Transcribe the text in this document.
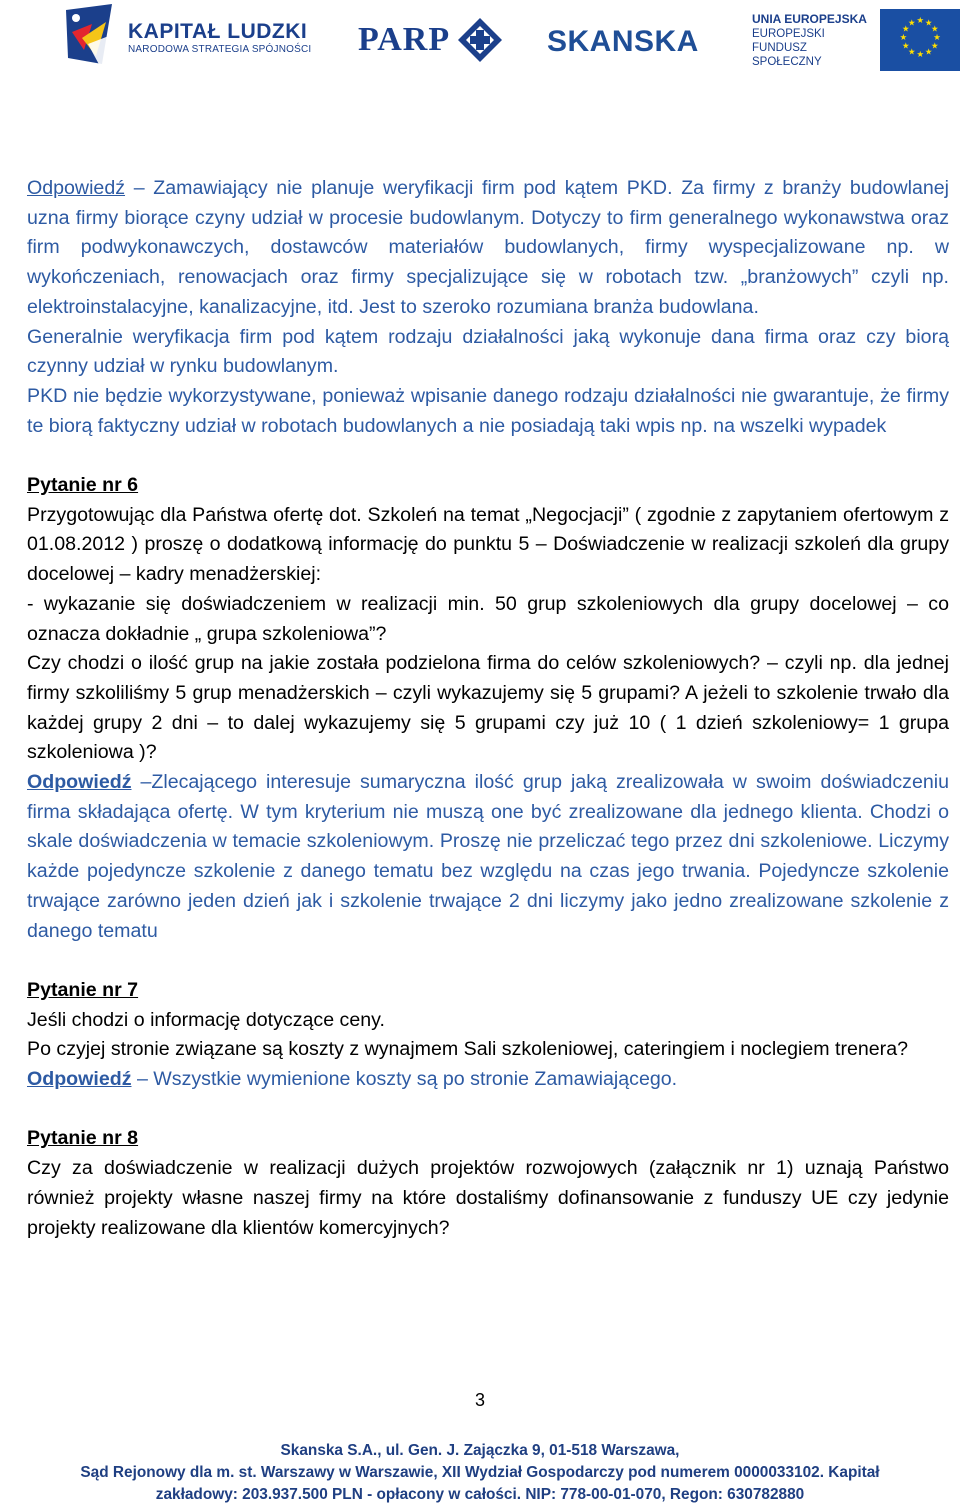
KAPITAŁ LUDZKI
NARODOWA STRATEGIA SPÓJNOŚCI PARP	SKANSKA
UNIA EUROPEJSKA
EUROPEJSKI
FUNDUSZ SPOŁECZNY
★ ★
★
★
★
★
★
★
★
★
★
★

Odpowiedź – Zamawiający nie planuje weryfikacji firm pod kątem PKD. Za firmy z branży budowlanej uzna firmy biorące czyny udział w procesie budowlanym. Dotyczy to firm generalnego wykonawstwa oraz firm podwykonawczych, dostawców materiałów budowlanych, firmy wyspecjalizowane np. w wykończeniach, renowacjach oraz firmy specjalizujące się w robotach tzw. „branżowych” czyli np. elektroinstalacyjne, kanalizacyjne, itd. Jest to szeroko rozumiana branża budowlana.

Generalnie weryfikacja firm pod kątem rodzaju działalności jaką wykonuje dana firma oraz czy biorą czynny udział w rynku budowlanym.

PKD nie będzie wykorzystywane, ponieważ wpisanie danego rodzaju działalności nie gwarantuje, że firmy te biorą faktyczny udział w robotach budowlanych a nie posiadają taki wpis np. na wszelki wypadek

Pytanie nr 6

Przygotowując dla Państwa ofertę dot. Szkoleń na temat „Negocjacji” ( zgodnie z zapytaniem ofertowym z 01.08.2012 ) proszę o dodatkową informację do punktu 5 – Doświadczenie w realizacji szkoleń dla grupy docelowej – kadry menadżerskiej:

- wykazanie się doświadczeniem w realizacji min. 50 grup szkoleniowych dla grupy docelowej – co oznacza dokładnie „ grupa szkoleniowa”?

Czy chodzi o ilość grup na jakie została podzielona firma do celów szkoleniowych? – czyli np. dla jednej firmy szkoliliśmy 5 grup menadżerskich – czyli wykazujemy się 5 grupami? A jeżeli to szkolenie trwało dla każdej grupy 2 dni – to dalej wykazujemy się 5 grupami czy już 10 ( 1 dzień szkoleniowy= 1 grupa szkoleniowa )?

Odpowiedź –Zlecającego interesuje sumaryczna ilość grup jaką zrealizowała w swoim doświadczeniu firma składająca ofertę. W tym kryterium nie muszą one być zrealizowane dla jednego klienta. Chodzi o skale doświadczenia w temacie szkoleniowym. Proszę nie przeliczać tego przez dni szkoleniowe. Liczymy każde pojedyncze szkolenie z danego tematu bez względu na czas jego trwania. Pojedyncze szkolenie trwające zarówno jeden dzień jak i szkolenie trwające 2 dni liczymy jako jedno zrealizowane szkolenie z danego tematu

Pytanie nr 7

Jeśli chodzi o informację dotyczące ceny.

Po czyjej stronie związane są koszty z wynajmem Sali szkoleniowej, cateringiem i noclegiem trenera?

Odpowiedź – Wszystkie wymienione koszty są po stronie Zamawiającego.

Pytanie nr 8

Czy za doświadczenie w realizacji dużych projektów rozwojowych (załącznik nr 1) uznają Państwo również projekty własne naszej firmy na które dostaliśmy dofinansowanie z funduszy UE czy jedynie projekty realizowane dla klientów komercyjnych?

3
Skanska S.A., ul. Gen. J. Zajączka 9, 01-518 Warszawa,
Sąd Rejonowy dla m. st. Warszawy w Warszawie, XII Wydział Gospodarczy pod numerem 0000033102. Kapitał
zakładowy: 203.937.500 PLN - opłacony w całości. NIP: 778-00-01-070, Regon: 630782880
